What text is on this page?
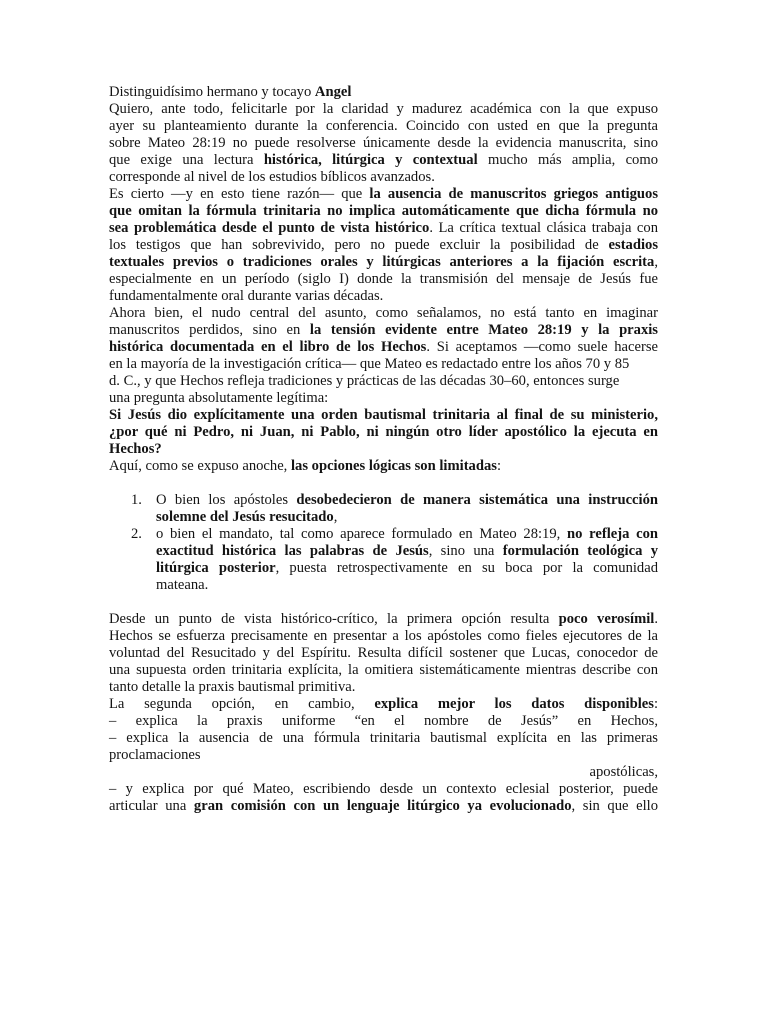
Distinguidísimo hermano y tocayo Angel

Quiero, ante todo, felicitarle por la claridad y madurez académica con la que expuso
ayer su planteamiento durante la conferencia. Coincido con usted en que la pregunta
sobre Mateo 28:19 no puede resolverse únicamente desde la evidencia manuscrita, sino
que exige una lectura histórica, litúrgica y contextual mucho más amplia, como
corresponde al nivel de los estudios bíblicos avanzados.

Es cierto —y en esto tiene razón— que la ausencia de manuscritos griegos antiguos
que omitan la fórmula trinitaria no implica automáticamente que dicha fórmula no
sea problemática desde el punto de vista histórico. La crítica textual clásica trabaja con
los testigos que han sobrevivido, pero no puede excluir la posibilidad de estadios
textuales previos o tradiciones orales y litúrgicas anteriores a la fijación escrita,
especialmente en un período (siglo I) donde la transmisión del mensaje de Jesús fue
fundamentalmente oral durante varias décadas.

Ahora bien, el nudo central del asunto, como señalamos, no está tanto en imaginar
manuscritos perdidos, sino en la tensión evidente entre Mateo 28:19 y la praxis
histórica documentada en el libro de los Hechos. Si aceptamos —como suele hacerse
en la mayoría de la investigación crítica— que Mateo es redactado entre los años 70 y 85
d. C., y que Hechos refleja tradiciones y prácticas de las décadas 30–60, entonces surge
una pregunta absolutamente legítima:

Si Jesús dio explícitamente una orden bautismal trinitaria al final de su ministerio,
¿por qué ni Pedro, ni Juan, ni Pablo, ni ningún otro líder apostólico la ejecuta en
Hechos?

Aquí, como se expuso anoche, las opciones lógicas son limitadas:

1. O bien los apóstoles desobedecieron de manera sistemática una instrucción
solemne del Jesús resucitado,
2. o bien el mandato, tal como aparece formulado en Mateo 28:19, no refleja con
exactitud histórica las palabras de Jesús, sino una formulación teológica y
litúrgica posterior, puesta retrospectivamente en su boca por la comunidad
mateana.

Desde un punto de vista histórico-crítico, la primera opción resulta poco verosímil.
Hechos se esfuerza precisamente en presentar a los apóstoles como fieles ejecutores de la
voluntad del Resucitado y del Espíritu. Resulta difícil sostener que Lucas, conocedor de
una supuesta orden trinitaria explícita, la omitiera sistemáticamente mientras describe con
tanto detalle la praxis bautismal primitiva.

La segunda opción, en cambio, explica mejor los datos disponibles:
– explica la praxis uniforme “en el nombre de Jesús” en Hechos,
– explica la ausencia de una fórmula trinitaria bautismal explícita en las primeras
proclamaciones
apostólicas,
– y explica por qué Mateo, escribiendo desde un contexto eclesial posterior, puede
articular una gran comisión con un lenguaje litúrgico ya evolucionado, sin que ello
